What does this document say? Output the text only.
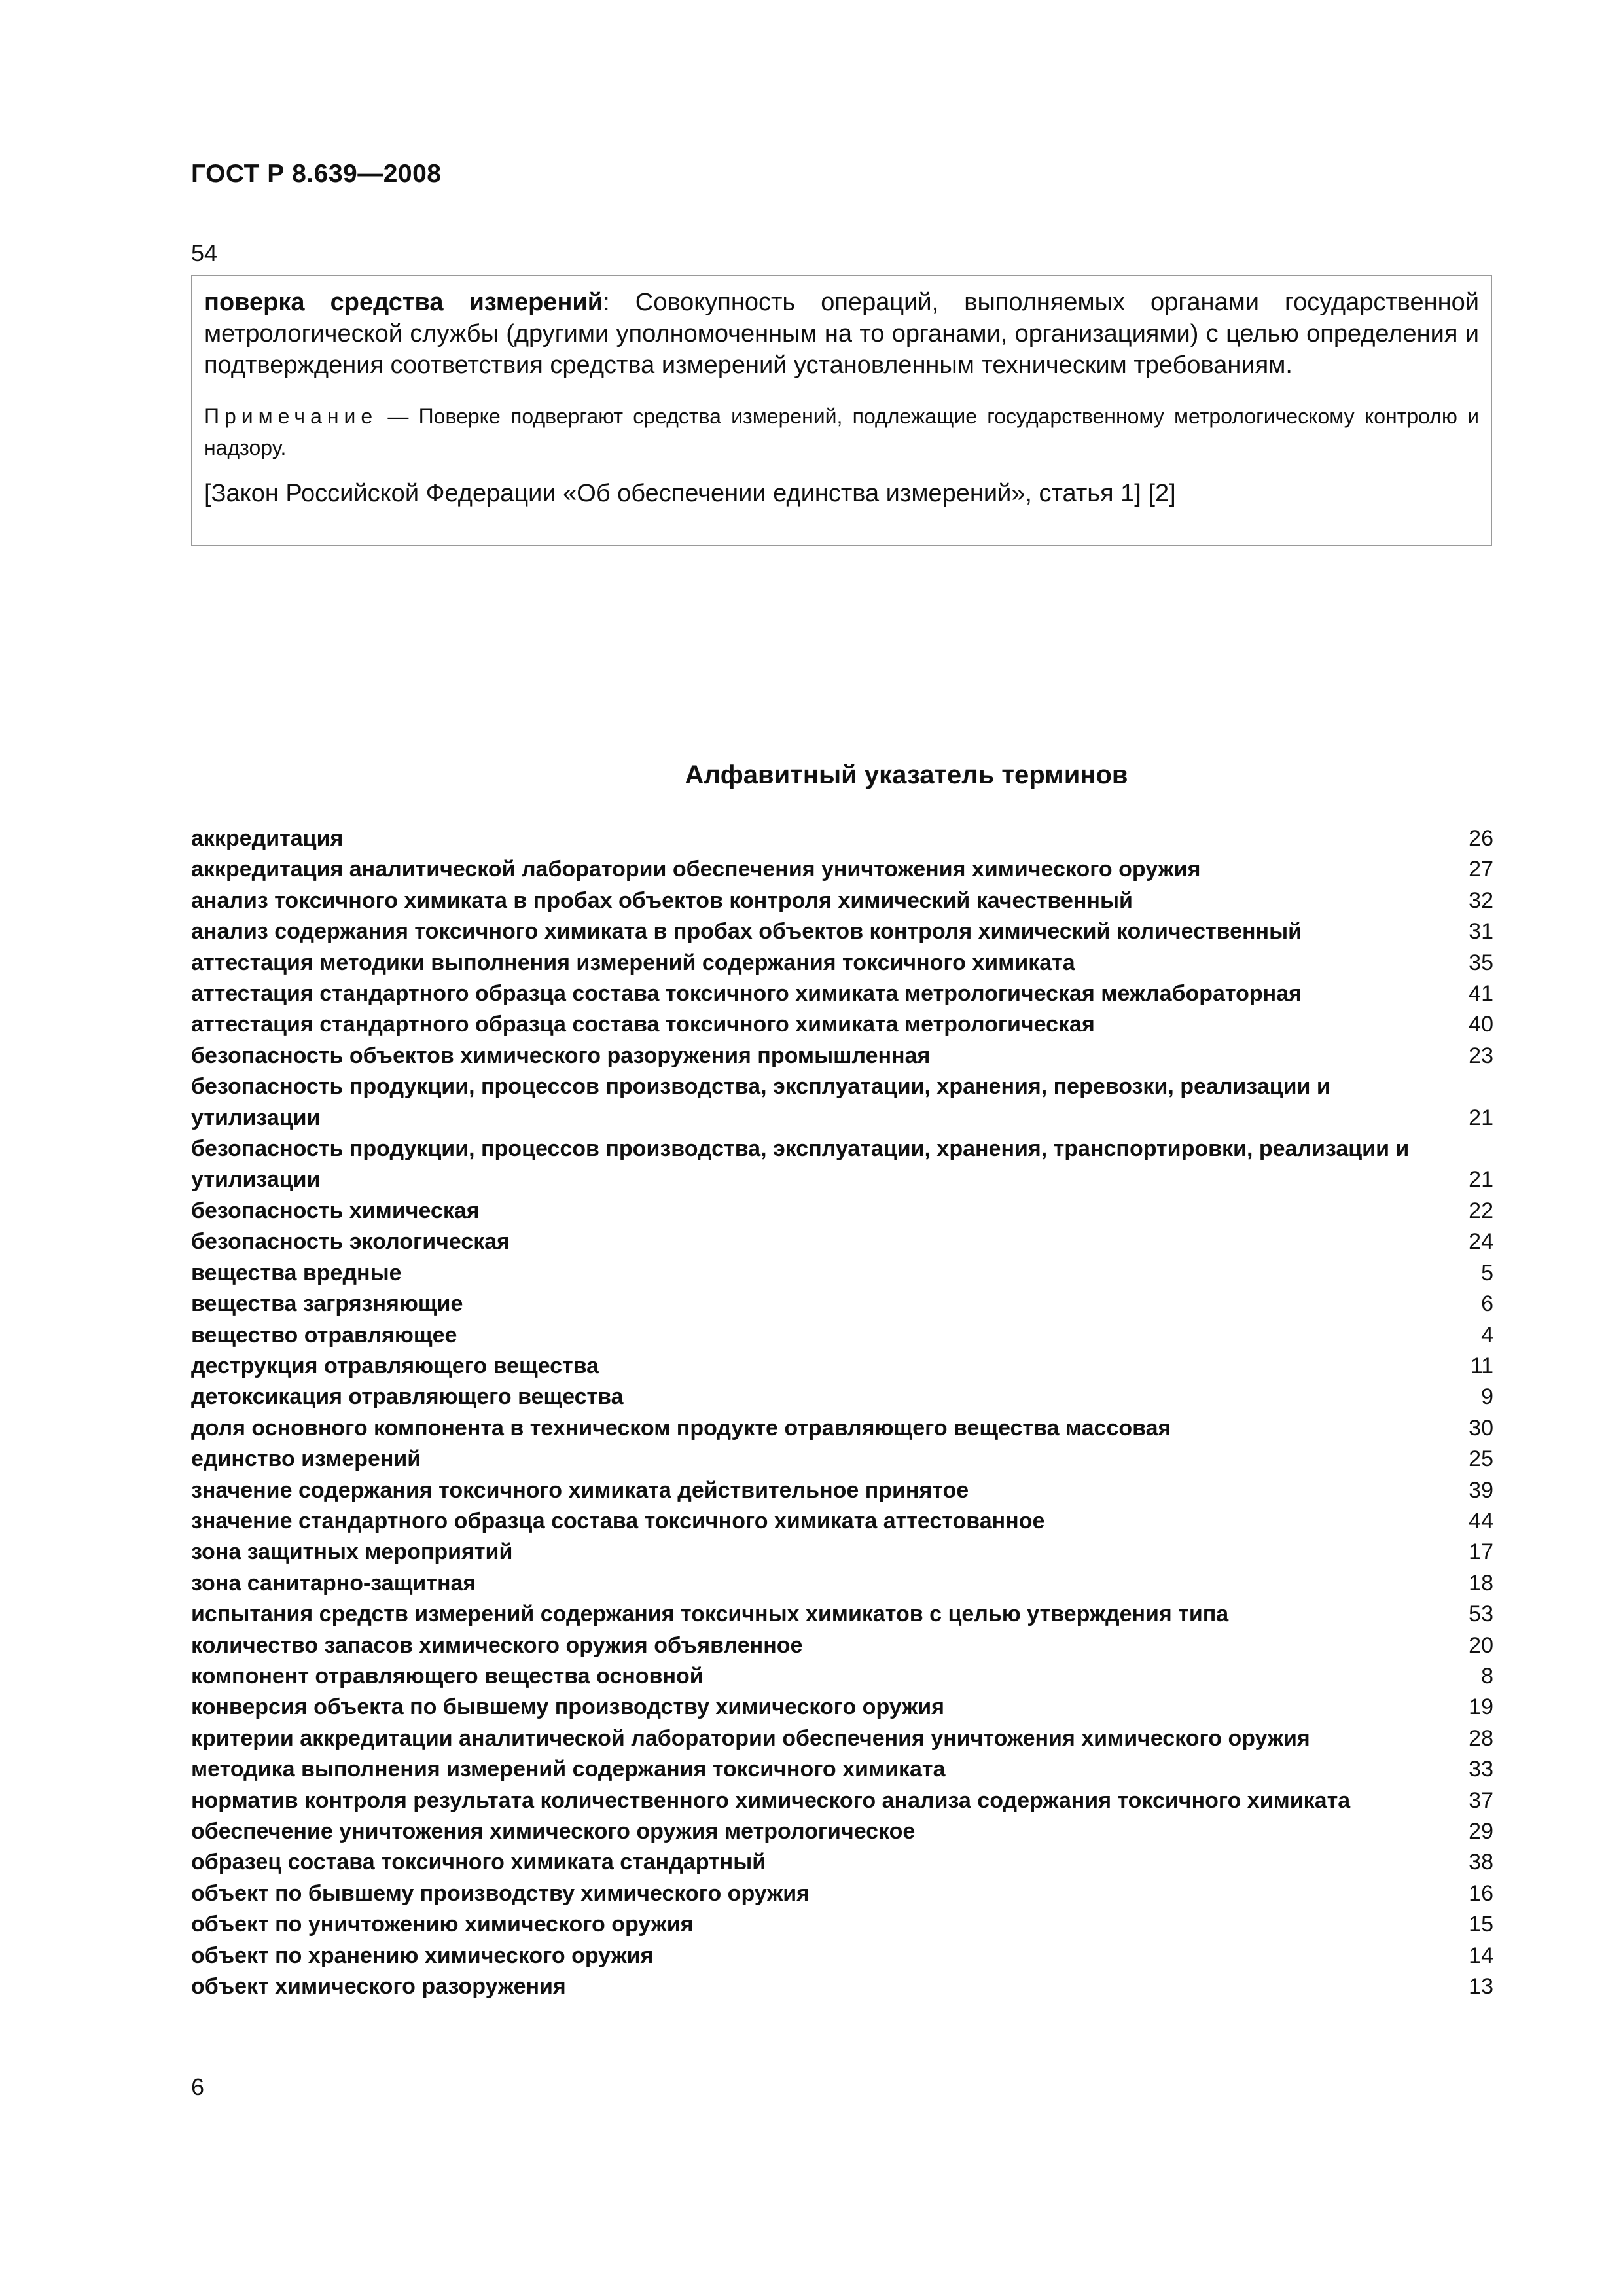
ГОСТ Р 8.639—2008
54

поверка средства измерений: Совокупность операций, выполняемых органами государственной метрологической службы (другими уполномоченным на то органами, организациями) с целью определения и подтверждения соответствия средства измерений установленным техническим требованиям.

Примечание — Поверке подвергают средства измерений, подлежащие государственному метрологическому контролю и надзору.

[Закон Российской Федерации «Об обеспечении единства измерений», статья 1] [2]

Алфавитный указатель терминов
аккредитация	26
аккредитация аналитической лаборатории обеспечения уничтожения химического оружия	27
анализ токсичного химиката в пробах объектов контроля химический качественный	32
анализ содержания токсичного химиката в пробах объектов контроля химический количественный	31
аттестация методики выполнения измерений содержания токсичного химиката	35
аттестация стандартного образца состава токсичного химиката метрологическая межлабораторная	41
аттестация стандартного образца состава токсичного химиката метрологическая	40
безопасность объектов химического разоружения промышленная	23
безопасность продукции, процессов производства, эксплуатации, хранения, перевозки, реализации и утилизации	21
безопасность продукции, процессов производства, эксплуатации, хранения, транспортировки, реализации и утилизации	21
безопасность химическая	22
безопасность экологическая	24
вещества вредные	5
вещества загрязняющие	6
вещество отравляющее	4
деструкция отравляющего вещества	11
детоксикация отравляющего вещества	9
доля основного компонента в техническом продукте отравляющего вещества массовая	30
единство измерений	25
значение содержания токсичного химиката действительное принятое	39
значение стандартного образца состава токсичного химиката аттестованное	44
зона защитных мероприятий	17
зона санитарно-защитная	18
испытания средств измерений содержания токсичных химикатов с целью утверждения типа	53
количество запасов химического оружия объявленное	20
компонент отравляющего вещества основной	8
конверсия объекта по бывшему производству химического оружия	19
критерии аккредитации аналитической лаборатории обеспечения уничтожения химического оружия	28
методика выполнения измерений содержания токсичного химиката	33
норматив контроля результата количественного химического анализа содержания токсичного химиката	37
обеспечение уничтожения химического оружия метрологическое	29
образец состава токсичного химиката стандартный	38
объект по бывшему производству химического оружия	16
объект по уничтожению химического оружия	15
объект по хранению химического оружия	14
объект химического разоружения	13
6
